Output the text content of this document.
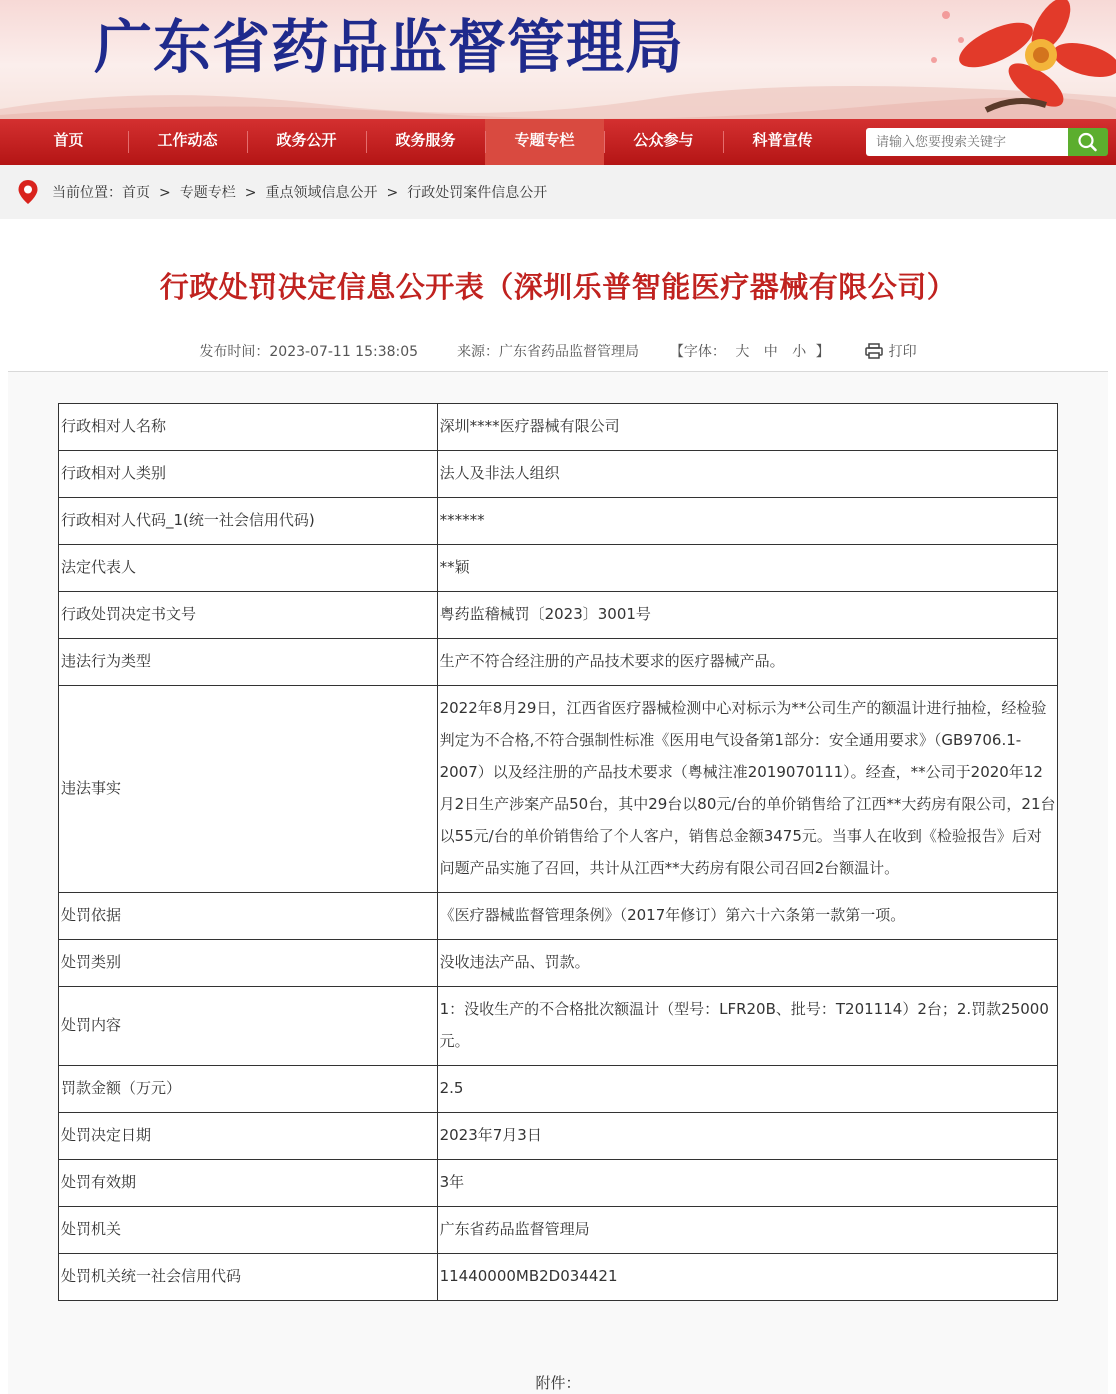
广东省药品监督管理局
首页	工作动态	政务公开	政务服务	专题专栏	公众参与	科普宣传
请输入您要搜索关键字
当前位置：首页 > 专题专栏 > 重点领域信息公开 > 行政处罚案件信息公开
行政处罚决定信息公开表（深圳乐普智能医疗器械有限公司）
发布时间：2023-07-11 15:38:05	来源：广东省药品监督管理局 【字体： 大 中 小 】	打印
行政相对人名称	深圳****医疗器械有限公司
行政相对人类别	法人及非法人组织
行政相对人代码_1(统一社会信用代码)	******
法定代表人	**颖
行政处罚决定书文号	粤药监稽械罚〔2023〕3001号
违法行为类型	生产不符合经注册的产品技术要求的医疗器械产品。
违法事实	2022年8月29日，江西省医疗器械检测中心对标示为**公司生产的额温计进行抽检，经检验判定为不合格,不符合强制性标准《医用电气设备第1部分：安全通用要求》（GB9706.1-2007）以及经注册的产品技术要求（粤械注准2019070111）。经查，**公司于2020年12月2日生产涉案产品50台，其中29台以80元/台的单价销售给了江西**大药房有限公司，21台以55元/台的单价销售给了个人客户，销售总金额3475元。当事人在收到《检验报告》后对问题产品实施了召回，共计从江西**大药房有限公司召回2台额温计。
处罚依据	《医疗器械监督管理条例》（2017年修订）第六十六条第一款第一项。
处罚类别	没收违法产品、罚款。
处罚内容	1：没收生产的不合格批次额温计（型号：LFR20B、批号：T201114）2台；2.罚款25000元。
罚款金额（万元）	2.5
处罚决定日期	2023年7月3日
处罚有效期	3年
处罚机关	广东省药品监督管理局
处罚机关统一社会信用代码	11440000MB2D034421
附件：
